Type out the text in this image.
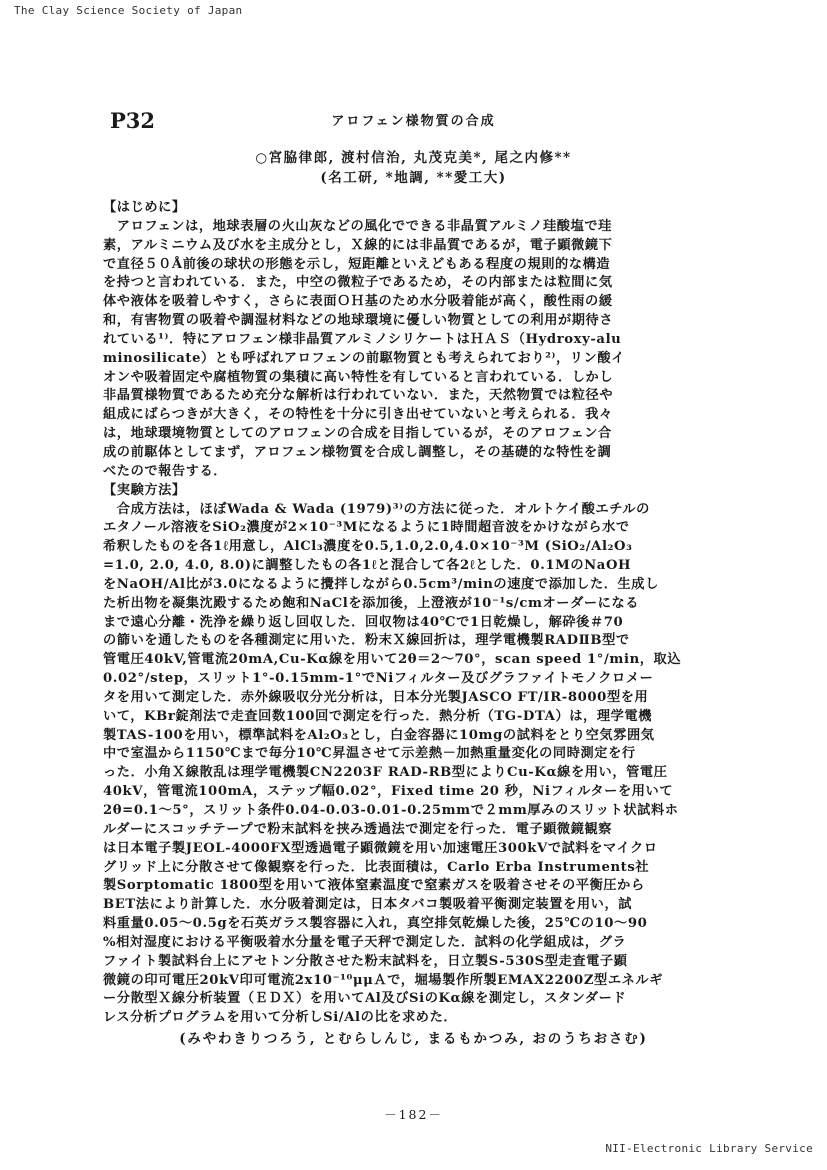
The Clay Science Society of Japan
P32	アロフェン様物質の合成
○宮脇律郎, 渡村信治, 丸茂克美*, 尾之内修**
(名工研, *地調, **愛工大)
【はじめに】
　アロフェンは，地球表層の火山灰などの風化でできる非晶質アルミノ珪酸塩で珪
素，アルミニウム及び水を主成分とし，Ｘ線的には非晶質であるが，電子顕微鏡下
で直径５０Å前後の球状の形態を示し，短距離といえどもある程度の規則的な構造
を持つと言われている．また，中空の微粒子であるため，その内部または粒間に気
体や液体を吸着しやすく，さらに表面ＯＨ基のため水分吸着能が高く，酸性雨の緩
和，有害物質の吸着や調湿材料などの地球環境に優しい物質としての利用が期待さ
れている¹⁾．特にアロフェン様非晶質アルミノシリケートはＨＡＳ（Hydroxy-alu
minosilicate）とも呼ばれアロフェンの前駆物質とも考えられており²⁾，リン酸イ
オンや吸着固定や腐植物質の集積に高い特性を有していると言われている．しかし
非晶質様物質であるため充分な解析は行われていない．また，天然物質では粒径や
組成にばらつきが大きく，その特性を十分に引き出せていないと考えられる．我々
は，地球環境物質としてのアロフェンの合成を目指しているが，そのアロフェン合
成の前駆体としてまず，アロフェン様物質を合成し調整し，その基礎的な特性を調
べたので報告する．
【実験方法】
　合成方法は，ほぼWada & Wada (1979)³⁾の方法に従った．オルトケイ酸エチルの
エタノール溶液をSiO₂濃度が2×10⁻³Mになるように1時間超音波をかけながら水で
希釈したものを各1ℓ用意し，AlCl₃濃度を0.5,1.0,2.0,4.0×10⁻³M (SiO₂/Al₂O₃
=1.0, 2.0, 4.0, 8.0)に調整したもの各1ℓと混合して各2ℓとした．0.1MのNaOH
をNaOH/Al比が3.0になるように攪拌しながら0.5cm³/minの速度で添加した．生成し
た析出物を凝集沈殿するため飽和NaClを添加後，上澄液が10⁻¹s/cmオーダーになる
まで遠心分離・洗浄を繰り返し回収した．回収物は40℃で1日乾燥し，解砕後＃70
の篩いを通したものを各種測定に用いた．粉末Ｘ線回折は，理学電機製RADⅡB型で
管電圧40kV,管電流20mA,Cu-Kα線を用いて2θ＝2～70°，scan speed 1°/min，取込
0.02°/step，スリット1°-0.15mm-1°でNiフィルター及びグラファイトモノクロメー
タを用いて測定した．赤外線吸収分光分析は，日本分光製JASCO FT/IR-8000型を用
いて，KBr錠剤法で走査回数100回で測定を行った．熱分析（TG-DTA）は，理学電機
製TAS-100を用い，標準試料をAl₂O₃とし，白金容器に10mgの試料をとり空気雰囲気
中で室温から1150℃まで毎分10℃昇温させて示差熱－加熱重量変化の同時測定を行
った．小角Ｘ線散乱は理学電機製CN2203F RAD-RB型によりCu-Kα線を用い，管電圧
40kV，管電流100mA，ステップ幅0.02°，Fixed time 20 秒，Niフィルターを用いて
2θ=0.1～5°，スリット条件0.04-0.03-0.01-0.25mmで２mm厚みのスリット状試料ホ
ルダーにスコッチテープで粉末試料を挟み透過法で測定を行った．電子顕微鏡観察
は日本電子製JEOL-4000FX型透過電子顕微鏡を用い加速電圧300kVで試料をマイクロ
グリッド上に分散させて像観察を行った．比表面積は，Carlo Erba Instruments社
製Sorptomatic 1800型を用いて液体窒素温度で窒素ガスを吸着させその平衡圧から
BET法により計算した．水分吸着測定は，日本タバコ製吸着平衡測定装置を用い，試
料重量0.05～0.5gを石英ガラス製容器に入れ，真空排気乾燥した後，25℃の10～90
%相対湿度における平衡吸着水分量を電子天秤で測定した．試料の化学組成は，グラ
ファイト製試料台上にアセトン分散させた粉末試料を，日立製S-530S型走査電子顕
微鏡の印可電圧20kV印可電流2x10⁻¹⁰μμＡで，堀場製作所製EMAX2200Z型エネルギ
ー分散型Ｘ線分析装置（ＥＤＸ）を用いてAl及びSiのKα線を測定し，スタンダード
レス分析プログラムを用いて分析しSi/Alの比を求めた．
(みやわきりつろう, とむらしんじ, まるもかつみ, おのうちおさむ)
－182－
NII-Electronic Library Service
